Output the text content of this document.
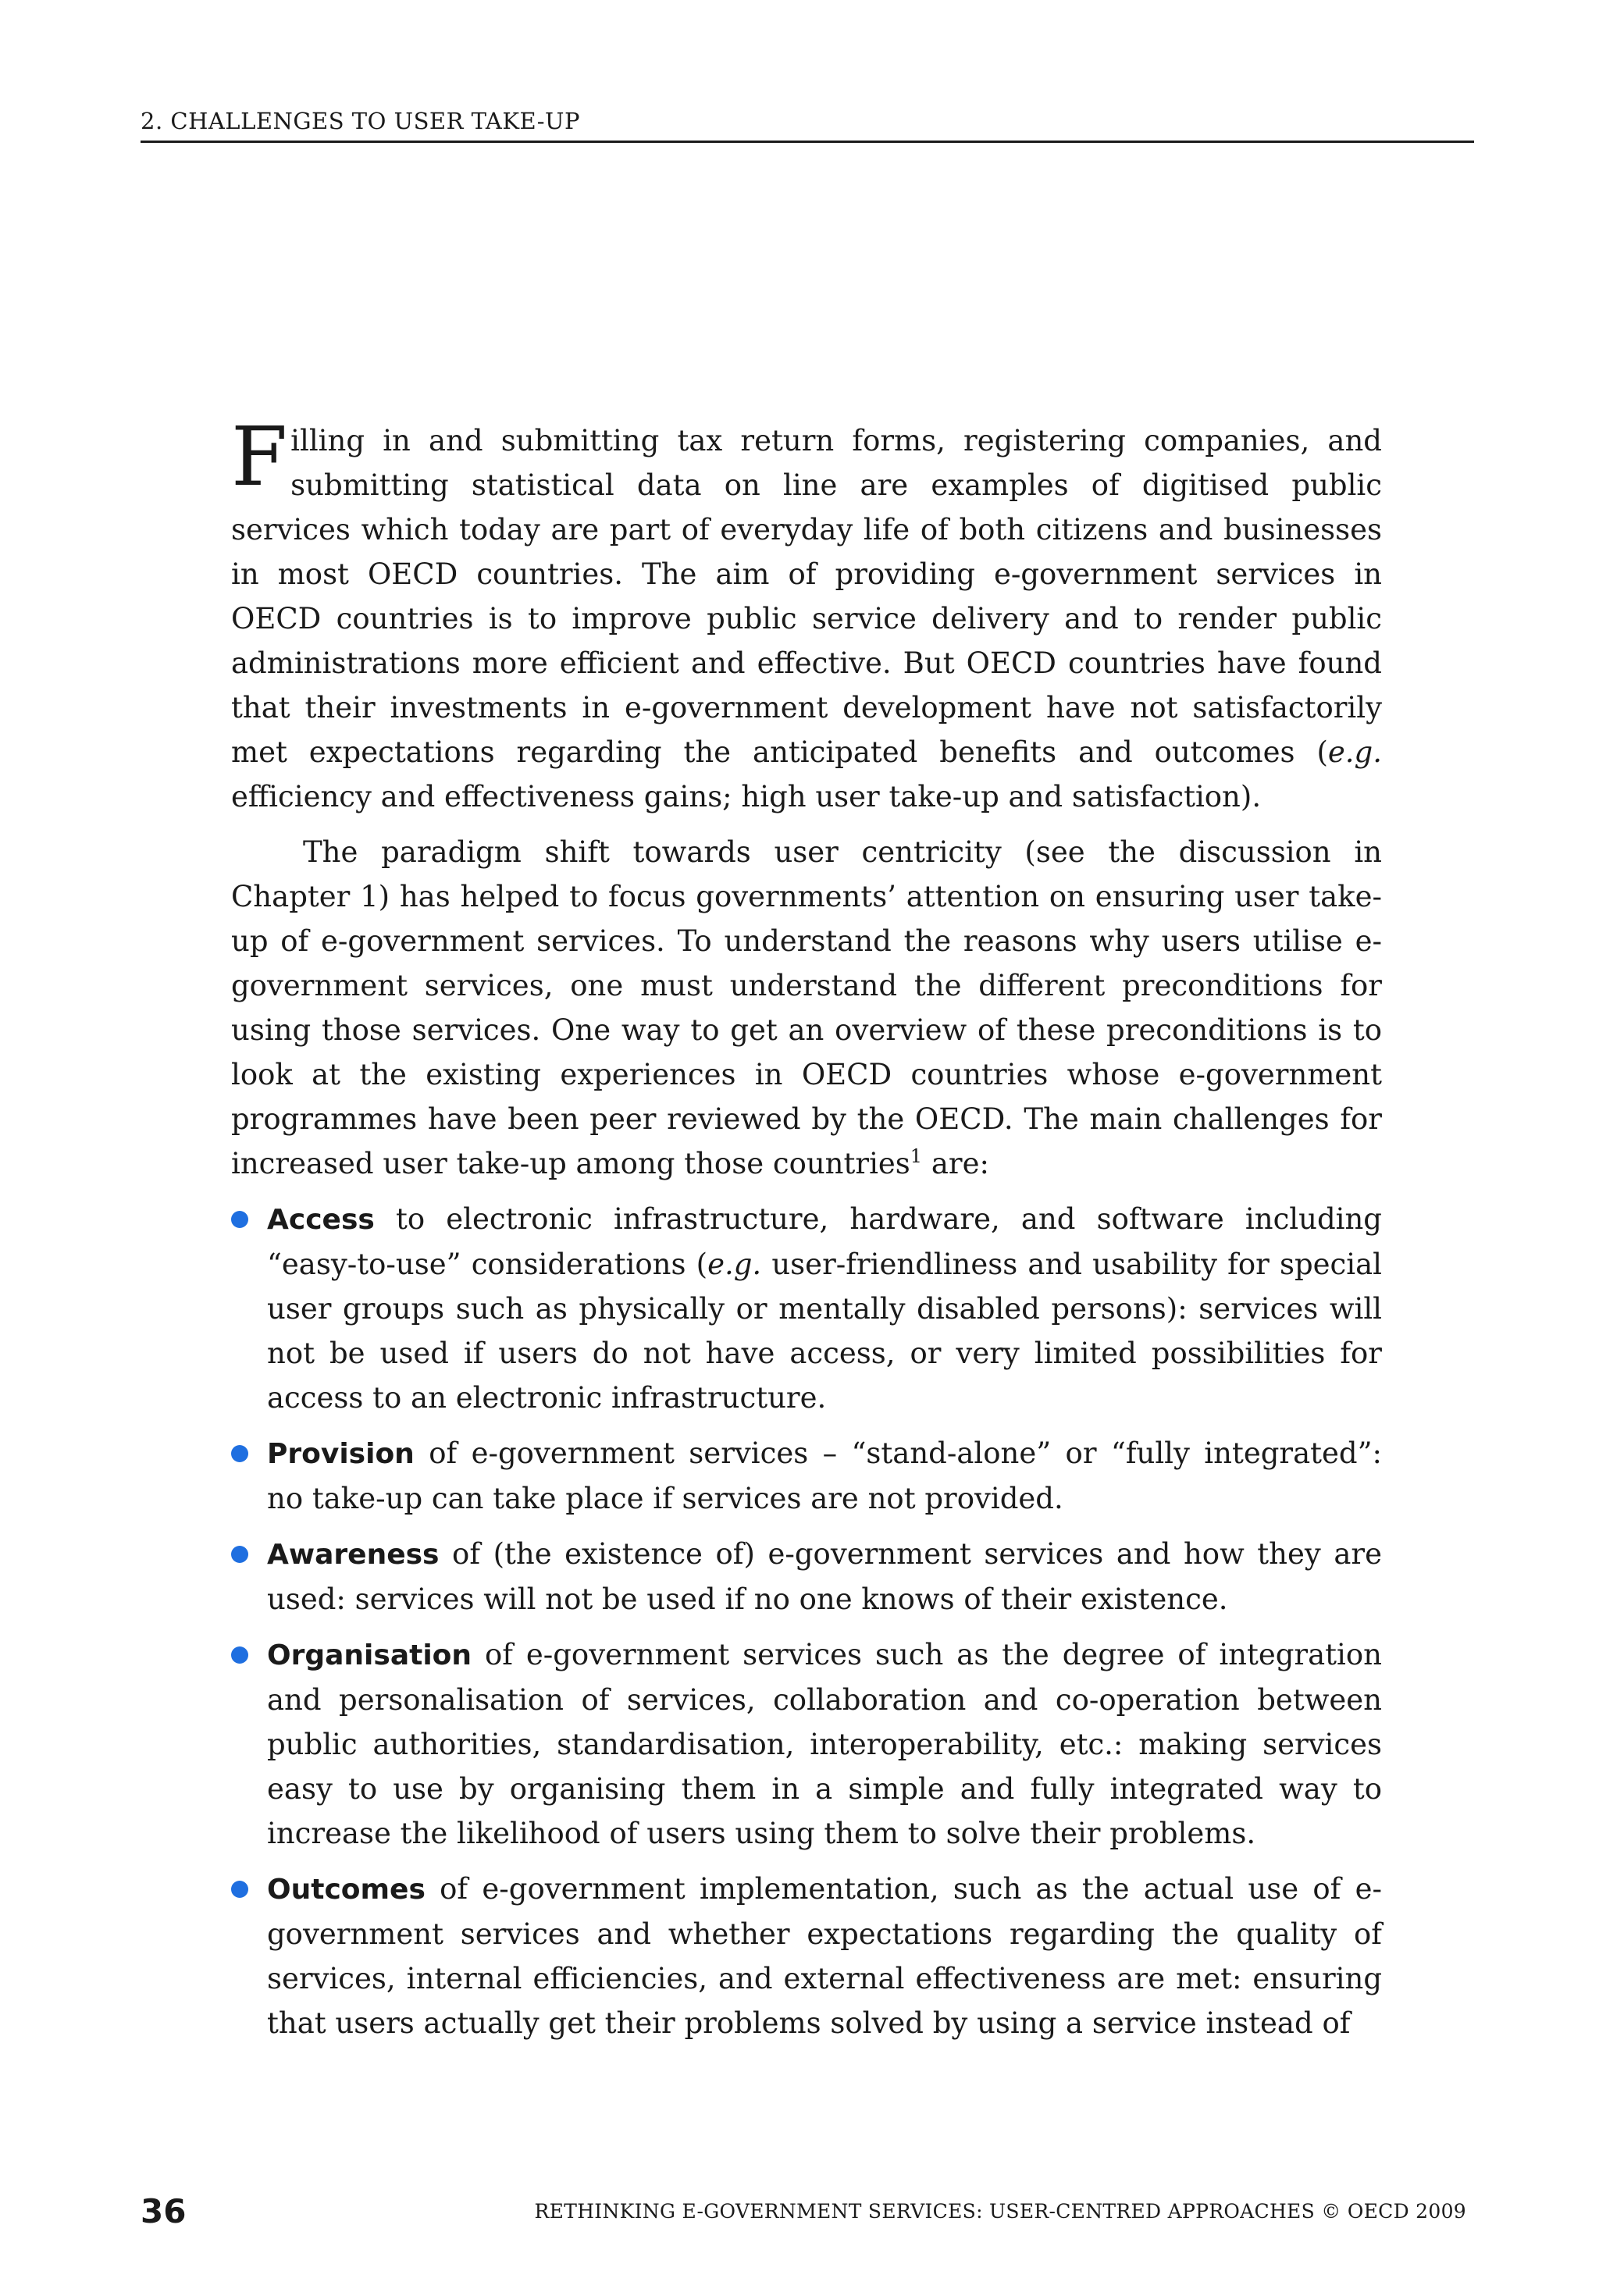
2. CHALLENGES TO USER TAKE-UP

Filling in and submitting tax return forms, registering companies, and submitting statistical data on line are examples of digitised public services which today are part of everyday life of both citizens and businesses in most OECD countries. The aim of providing e-government services in OECD countries is to improve public service delivery and to render public administrations more efficient and effective. But OECD countries have found that their investments in e-government development have not satisfactorily met expectations regarding the anticipated benefits and outcomes (e.g. efficiency and effectiveness gains; high user take-up and satisfaction).

The paradigm shift towards user centricity (see the discussion in Chapter 1) has helped to focus governments’ attention on ensuring user take-up of e-government services. To understand the reasons why users utilise e-government services, one must understand the different preconditions for using those services. One way to get an overview of these preconditions is to look at the existing experiences in OECD countries whose e-government programmes have been peer reviewed by the OECD. The main challenges for increased user take-up among those countries$^1$ are:

Access to electronic infrastructure, hardware, and software including “easy-to-use” considerations (e.g. user-friendliness and usability for special user groups such as physically or mentally disabled persons): services will not be used if users do not have access, or very limited possibilities for access to an electronic infrastructure.
Provision of e-government services – “stand-alone” or “fully integrated”: no take-up can take place if services are not provided.
Awareness of (the existence of) e-government services and how they are used: services will not be used if no one knows of their existence.
Organisation of e-government services such as the degree of integration and personalisation of services, collaboration and co-operation between public authorities, standardisation, interoperability, etc.: making services easy to use by organising them in a simple and fully integrated way to increase the likelihood of users using them to solve their problems.
Outcomes of e-government implementation, such as the actual use of e-government services and whether expectations regarding the quality of services, internal efficiencies, and external effectiveness are met: ensuring that users actually get their problems solved by using a service instead of
36	RETHINKING E-GOVERNMENT SERVICES: USER-CENTRED APPROACHES © OECD 2009
